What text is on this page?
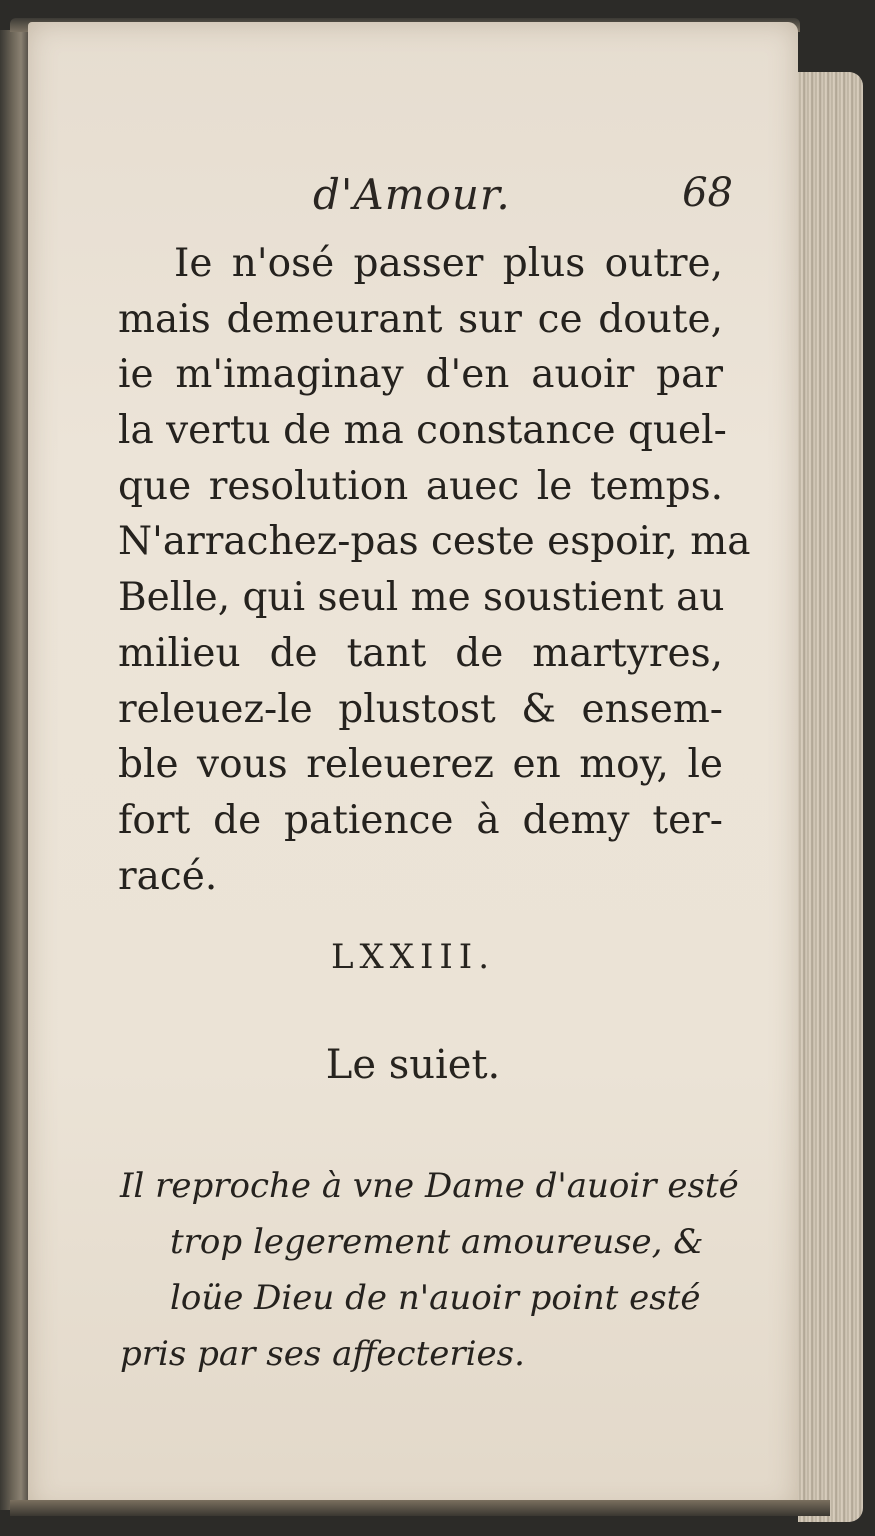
d'Amour.	68
Ie n'osé passer plus outre,
mais demeurant sur ce doute,
ie m'imaginay d'en auoir par
la vertu de ma constance quel-
que resolution auec le temps.
N'arrachez-pas ceste espoir, ma
Belle, qui seul me soustient au
milieu de tant de martyres,
releuez-le plustost & ensem-
ble vous releuerez en moy, le
fort de patience à demy ter-
racé.
LXXIII.
Le suiet.
Il reproche à vne Dame d'auoir esté
trop legerement amoureuse, &
loüe Dieu de n'auoir point esté
pris par ses affecteries.
